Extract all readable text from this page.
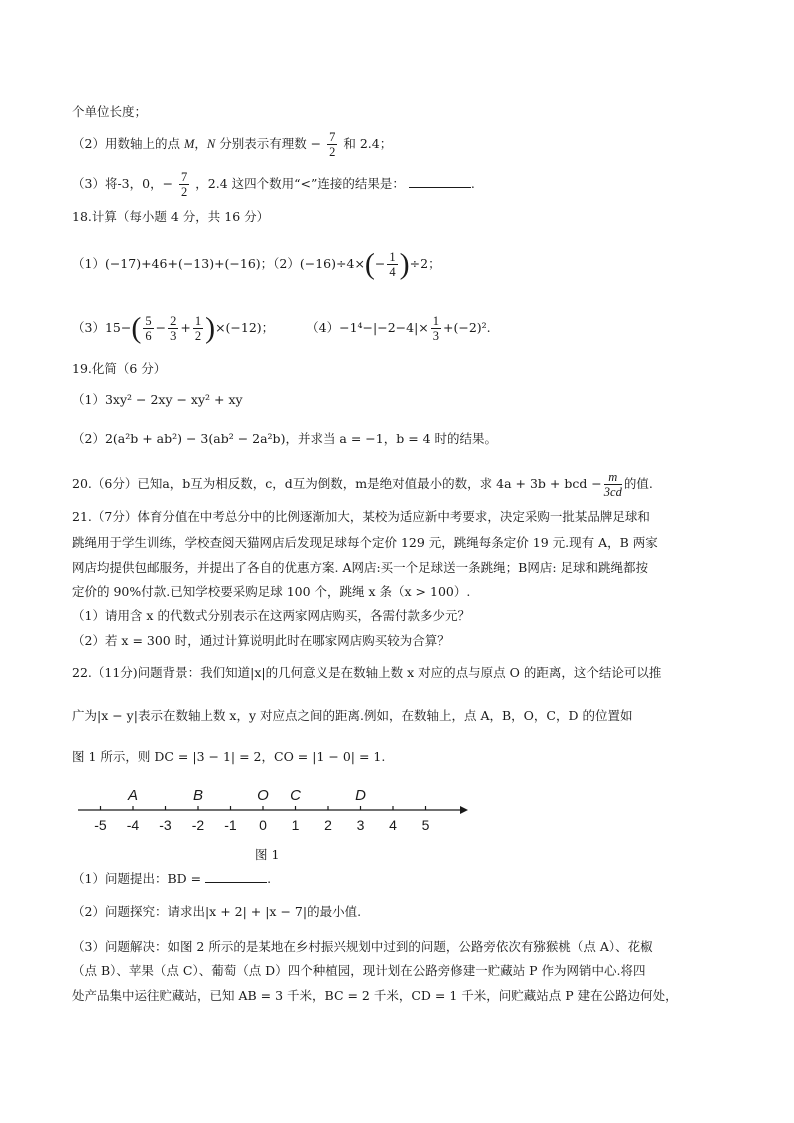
个单位长度；
（2）用数轴上的点 M，N 分别表示有理数 − $\frac{7}{2}$ 和 2.4；
（3）将-3，0，− $\frac{7}{2}$ ，2.4 这四个数用“<”连接的结果是：	.
18.计算（每小题 4 分，共 16 分）
（1）(−17)+46+(−13)+(−16)；$(2)(-16)\div 4\times(- \frac{1}{4} )\div 2$；
$(3)15-( \frac{5}{6} - \frac{2}{3} + \frac{1}{2} )\times(-12)$；	$(4)-1^4-|-2-4|\times \frac{1}{3} +(-2)^2$.
19.化简（6 分）
（1）3xy² − 2xy − xy² + xy
（2）2(a²b + ab²) − 3(ab² − 2a²b)，并求当 a = −1，b = 4 时的结果。
20.（6分）已知a，b互为相反数，c，d互为倒数，m是绝对值最小的数，求 4a + 3b + bcd − $\frac{m}{3cd}$ 的值.
21.（7分）体育分值在中考总分中的比例逐渐加大，某校为适应新中考要求，决定采购一批某品牌足球和
跳绳用于学生训练，学校查阅天猫网店后发现足球每个定价 129 元，跳绳每条定价 19 元.现有 A，B 两家
网店均提供包邮服务，并提出了各自的优惠方案. A网店:买一个足球送一条跳绳；B网店: 足球和跳绳都按
定价的 90%付款.已知学校要采购足球 100 个，跳绳 x 条（x > 100）.
（1）请用含 x 的代数式分别表示在这两家网店购买，各需付款多少元？
（2）若 x = 300 时，通过计算说明此时在哪家网店购买较为合算？
22.（11分)问题背景：我们知道|x|的几何意义是在数轴上数 x 对应的点与原点 O 的距离，这个结论可以推
广为|x − y|表示在数轴上数 x，y 对应点之间的距离.例如，在数轴上，点 A，B，O，C，D 的位置如
图 1 所示，则 DC = |3 − 1| = 2，CO = |1 − 0| = 1.
-5 -4 -3 -2 -1 0 1 2 3 4 5
A	B	O C	D
图 1
（1）问题提出：BD =	.
（2）问题探究：请求出|x + 2| + |x − 7|的最小值.
（3）问题解决：如图 2 所示的是某地在乡村振兴规划中过到的问题，公路旁依次有猕猴桃（点 A）、花椒
（点 B）、苹果（点 C）、葡萄（点 D）四个种植园，现计划在公路旁修建一贮藏站 P 作为网销中心.将四
处产品集中运往贮藏站，已知 AB = 3 千米，BC = 2 千米，CD = 1 千米，问贮藏站点 P 建在公路边何处，
